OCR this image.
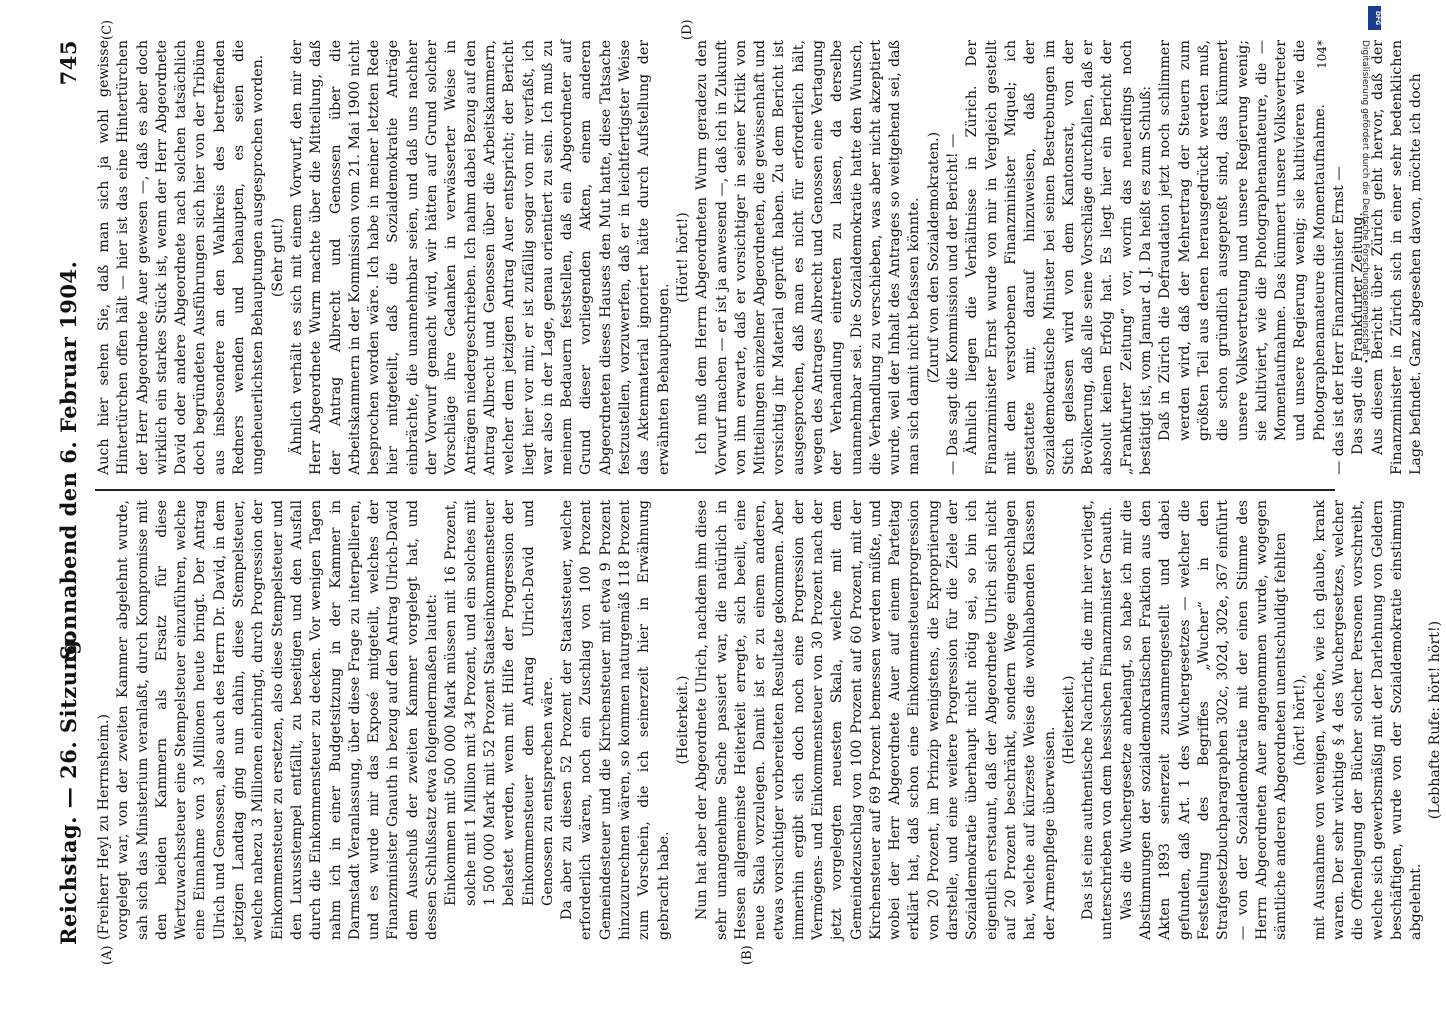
Reichstag. — 26. Sitzung.
Sonnabend den 6. Februar 1904.
745
(A)	(B)
(C)	(D)

(Freiherr Heyl zu Herrnsheim.) vorgelegt war, von der zweiten Kammer abgelehnt wurde, sah sich das Ministerium veranlaßt, durch Kompromisse mit den beiden Kammern als Ersatz für diese Wertzuwachssteuer eine Stempelsteuer einzuführen, welche eine Einnahme von 3 Millionen heute bringt. Der Antrag Ulrich und Genossen, also auch des Herrn Dr. David, in dem jetzigen Landtag ging nun dahin, diese Stempelsteuer, welche nahezu 3 Millionen einbringt, durch Progression der Einkommensteuer zu ersetzen, also diese Stempelsteuer und den Luxusstempel entfällt, zu beseitigen und den Ausfall durch die Einkommensteuer zu decken. Vor wenigen Tagen nahm ich in einer Budgetsitzung in der Kammer in Darmstadt Veranlassung, über diese Frage zu interpellieren, und es wurde mir das Exposé mitgeteilt, welches der Finanzminister Gnauth in bezug auf den Antrag Ulrich-David dem Ausschuß der zweiten Kammer vorgelegt hat, und dessen Schlußsatz etwa folgendermaßen lautet: Einkommen mit 500 000 Mark müssen mit 16 Prozent, solche mit 1 Million mit 34 Prozent, und ein solches mit 1 500 000 Mark mit 52 Prozent Staatseinkommensteuer belastet werden, wenn mit Hilfe der Progression der Einkommensteuer dem Antrag Ulrich-David und Genossen zu entsprechen wäre. Da aber zu diesen 52 Prozent der Staatssteuer, welche erforderlich wären, noch ein Zuschlag von 100 Prozent Gemeindesteuer und die Kirchensteuer mit etwa 9 Prozent hinzuzurechnen wären, so kommen naturgemäß 118 Prozent zum Vorschein, die ich seinerzeit hier in Erwähnung gebracht habe.

(Heiterkeit.) Nun hat aber der Abgeordnete Ulrich, nachdem ihm diese sehr unangenehme Sache passiert war, die natürlich in Hessen allgemeinste Heiterkeit erregte, sich beeilt, eine neue Skala vorzulegen. Damit ist er zu einem anderen, etwas vorsichtiger vorbereiteten Resultate gekommen. Aber immerhin ergibt sich doch noch eine Progression der Vermögens- und Einkommensteuer von 30 Prozent nach der jetzt vorgelegten neuesten Skala, welche mit dem Gemeindezuschlag von 100 Prozent auf 60 Prozent, mit der Kirchensteuer auf 69 Prozent bemessen werden müßte, und wobei der Herr Abgeordnete Auer auf einem Parteitag erklärt hat, daß schon eine Einkommensteuerprogression von 20 Prozent, im Prinzip wenigstens, die Expropriierung darstelle, und eine weitere Progression für die Ziele der Sozialdemokratie überhaupt nicht nötig sei, so bin ich eigentlich erstaunt, daß der Abgeordnete Ulrich sich nicht auf 20 Prozent beschränkt, sondern Wege eingeschlagen hat, welche auf kürzeste Weise die wohlhabenden Klassen der Armenpflege überweisen.

(Heiterkeit.) Das ist eine authentische Nachricht, die mir hier vorliegt, unterschrieben von dem hessischen Finanzminister Gnauth. Was die Wuchergesetze anbelangt, so habe ich mir die Abstimmungen der sozialdemokratischen Fraktion aus den Akten 1893 seinerzeit zusammengestellt und dabei gefunden, daß Art. 1 des Wuchergesetzes — welcher die Feststellung des Begriffes „Wucher“ in den Strafgesetzbuchparagraphen 302c, 302d, 302e, 367 einführt — von der Sozialdemokratie mit der einen Stimme des Herrn Abgeordneten Auer angenommen wurde, wogegen sämtliche anderen Abgeordneten unentschuldigt fehlten (hört! hört!), mit Ausnahme von wenigen, welche, wie ich glaube, krank waren. Der sehr wichtige § 4 des Wuchergesetzes, welcher die Offenlegung der Bücher solcher Personen vorschreibt, welche sich gewerbsmäßig mit der Darlehnung von Geldern beschäftigen, wurde von der Sozialdemokratie einstimmig abgelehnt.

(Lebhafte Rufe: hört! hört!)

Auch hier sehen Sie, daß man sich ja wohl gewisse Hintertürchen offen hält — hier ist das eine Hintertürchen der Herr Abgeordnete Auer gewesen —, daß es aber doch wirklich ein starkes Stück ist, wenn der Herr Abgeordnete David oder andere Abgeordnete nach solchen tatsächlich doch begründeten Ausführungen sich hier von der Tribüne aus insbesondere an den Wahlkreis des betreffenden Redners wenden und behaupten, es seien die ungeheuerlichsten Behauptungen ausgesprochen worden. (Sehr gut!) Ähnlich verhält es sich mit einem Vorwurf, den mir der Herr Abgeordnete Wurm machte über die Mitteilung, daß der Antrag Albrecht und Genossen über die Arbeitskammern in der Kommission vom 21. Mai 1900 nicht besprochen worden wäre. Ich habe in meiner letzten Rede hier mitgeteilt, daß die Sozialdemokratie Anträge einbrächte, die unannehmbar seien, und daß uns nachher der Vorwurf gemacht wird, wir hätten auf Grund solcher Vorschläge ihre Gedanken in verwässerter Weise in Anträgen niedergeschrieben. Ich nahm dabei Bezug auf den Antrag Albrecht und Genossen über die Arbeitskammern, welcher dem jetzigen Antrag Auer entspricht; der Bericht liegt hier vor mir, er ist zufällig sogar von mir verfaßt, ich war also in der Lage, genau orientiert zu sein. Ich muß zu meinem Bedauern feststellen, daß ein Abgeordneter auf Grund dieser vorliegenden Akten, einem anderen Abgeordneten dieses Hauses den Mut hatte, diese Tatsache festzustellen, vorzuwerfen, daß er in leichtfertigster Weise das Aktenmaterial ignoriert hätte durch Aufstellung der erwähnten Behauptungen.

(Hört! hört!) Ich muß dem Herrn Abgeordneten Wurm geradezu den Vorwurf machen — er ist ja anwesend —, daß ich in Zukunft von ihm erwarte, daß er vorsichtiger in seiner Kritik von Mitteilungen einzelner Abgeordneten, die gewissenhaft und vorsichtig ihr Material geprüft haben. Zu dem Bericht ist ausgesprochen, daß man es nicht für erforderlich hält, wegen des Antrages Albrecht und Genossen eine Vertagung der Verhandlung eintreten zu lassen, da derselbe unannehmbar sei. Die Sozialdemokratie hatte den Wunsch, die Verhandlung zu verschieben, was aber nicht akzeptiert wurde, weil der Inhalt des Antrages so weitgehend sei, daß man sich damit nicht befassen könnte. (Zuruf von den Sozialdemokraten.) — Das sagt die Kommission und der Bericht! — Ähnlich liegen die Verhältnisse in Zürich. Der Finanzminister Ernst wurde von mir in Vergleich gestellt mit dem verstorbenen Finanzminister Miquel; ich gestattete mir, darauf hinzuweisen, daß der sozialdemokratische Minister bei seinen Bestrebungen im Stich gelassen wird von dem Kantonsrat, von der Bevölkerung, daß alle seine Vorschläge durchfallen, daß er absolut keinen Erfolg hat. Es liegt hier ein Bericht der „Frankfurter Zeitung“ vor, worin das neuerdings noch bestätigt ist, vom Januar d. J. Da heißt es zum Schluß: Daß in Zürich die Defraudation jetzt noch schlimmer werden wird, daß der Mehrertrag der Steuern zum größten Teil aus denen herausgedrückt werden muß, die schon gründlich ausgepreßt sind, das kümmert unsere Volksvertretung und unsere Regierung wenig; sie kultiviert, wie die Photographenamateure, die — Momentaufnahme. Das kümmert unsere Volksvertreter und unsere Regierung wenig; sie kultivieren wie die Photographenamateure die Momentaufnahme. — das ist der Herr Finanzminister Ernst — Das sagt die Frankfurter Zeitung. Aus diesem Bericht über Zürich geht hervor, daß der Finanzminister in Zürich sich in einer sehr bedenklichen Lage befindet. Ganz abgesehen davon, möchte ich doch

104*
DFG
Digitalisierung gefördert durch die Deutsche Forschungsgemeinschaft •
